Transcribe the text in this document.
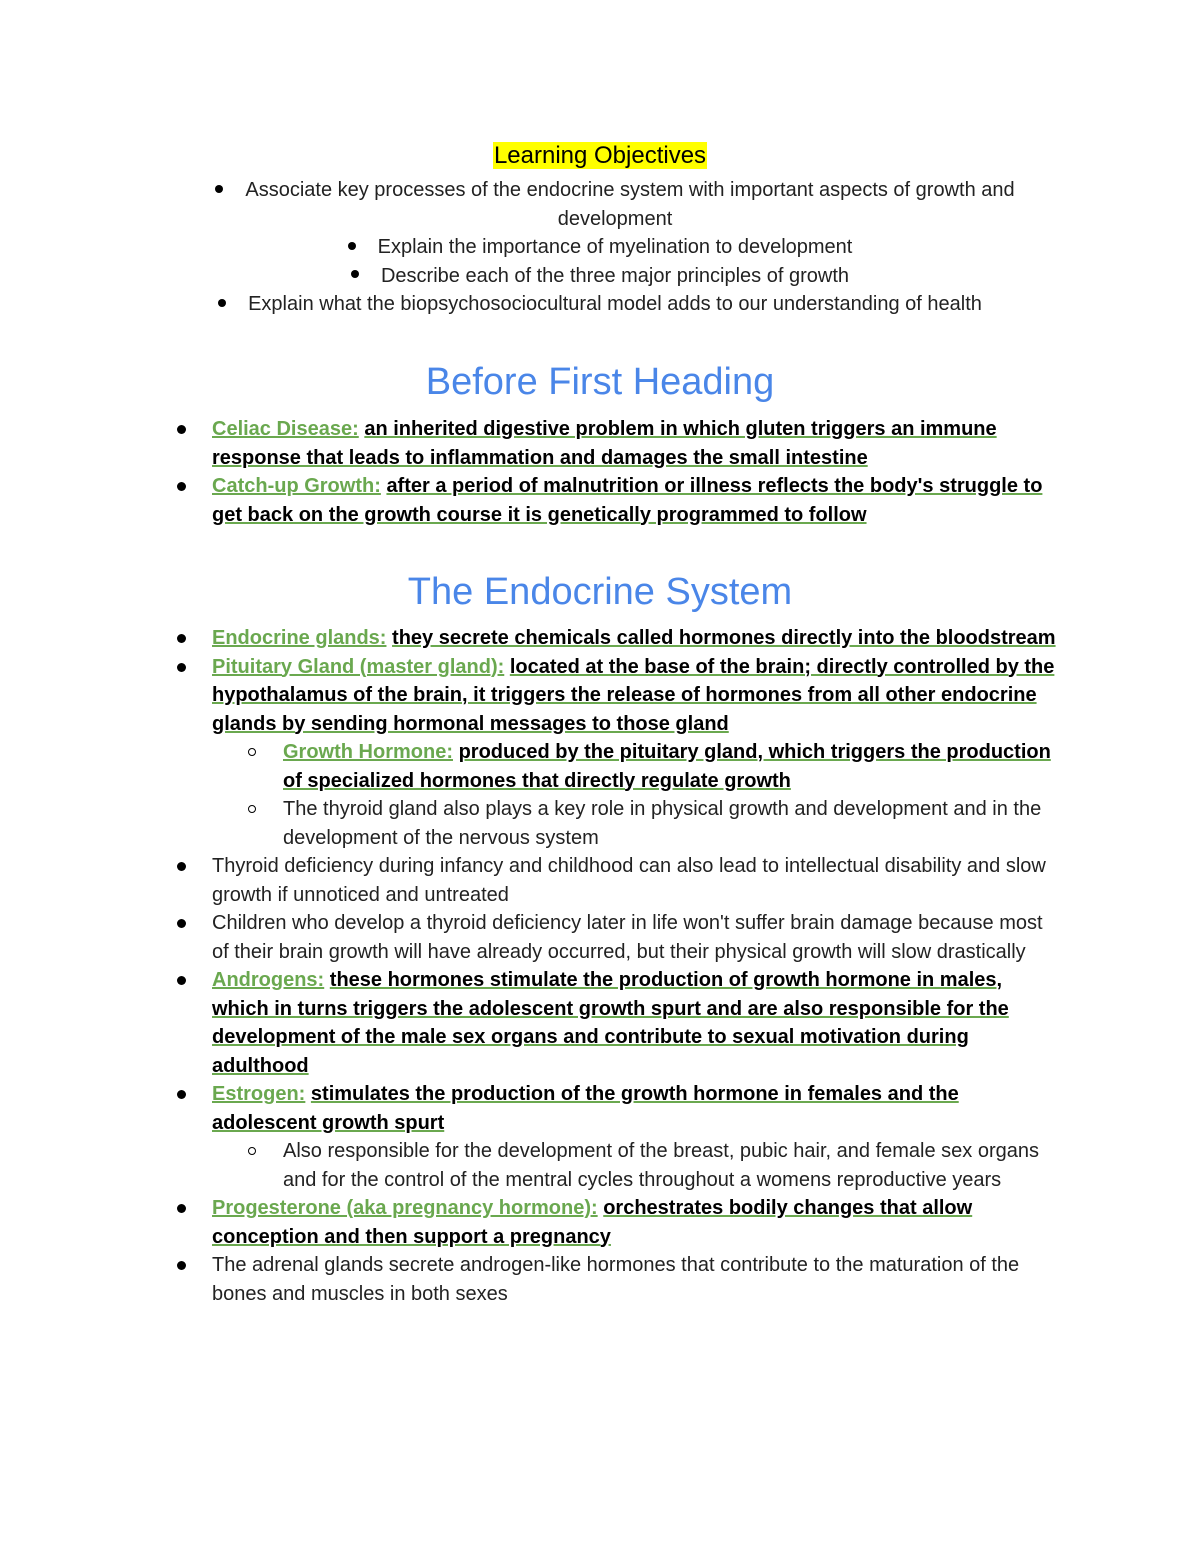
Learning Objectives
Associate key processes of the endocrine system with important aspects of growth and development
Explain the importance of myelination to development
Describe each of the three major principles of growth
Explain what the biopsychosociocultural model adds to our understanding of health
Before First Heading
Celiac Disease: an inherited digestive problem in which gluten triggers an immune response that leads to inflammation and damages the small intestine
Catch-up Growth: after a period of malnutrition or illness reflects the body's struggle to get back on the growth course it is genetically programmed to follow
The Endocrine System
Endocrine glands: they secrete chemicals called hormones directly into the bloodstream
Pituitary Gland (master gland): located at the base of the brain; directly controlled by the hypothalamus of the brain, it triggers the release of hormones from all other endocrine glands by sending hormonal messages to those gland
Growth Hormone: produced by the pituitary gland, which triggers the production of specialized hormones that directly regulate growth
The thyroid gland also plays a key role in physical growth and development and in the development of the nervous system
Thyroid deficiency during infancy and childhood can also lead to intellectual disability and slow growth if unnoticed and untreated
Children who develop a thyroid deficiency later in life won't suffer brain damage because most of their brain growth will have already occurred, but their physical growth will slow drastically
Androgens: these hormones stimulate the production of growth hormone in males, which in turns triggers the adolescent growth spurt and are also responsible for the development of the male sex organs and contribute to sexual motivation during adulthood
Estrogen: stimulates the production of the growth hormone in females and the adolescent growth spurt
Also responsible for the development of the breast, pubic hair, and female sex organs and for the control of the mentral cycles throughout a womens reproductive years
Progesterone (aka pregnancy hormone): orchestrates bodily changes that allow conception and then support a pregnancy
The adrenal glands secrete androgen-like hormones that contribute to the maturation of the bones and muscles in both sexes
